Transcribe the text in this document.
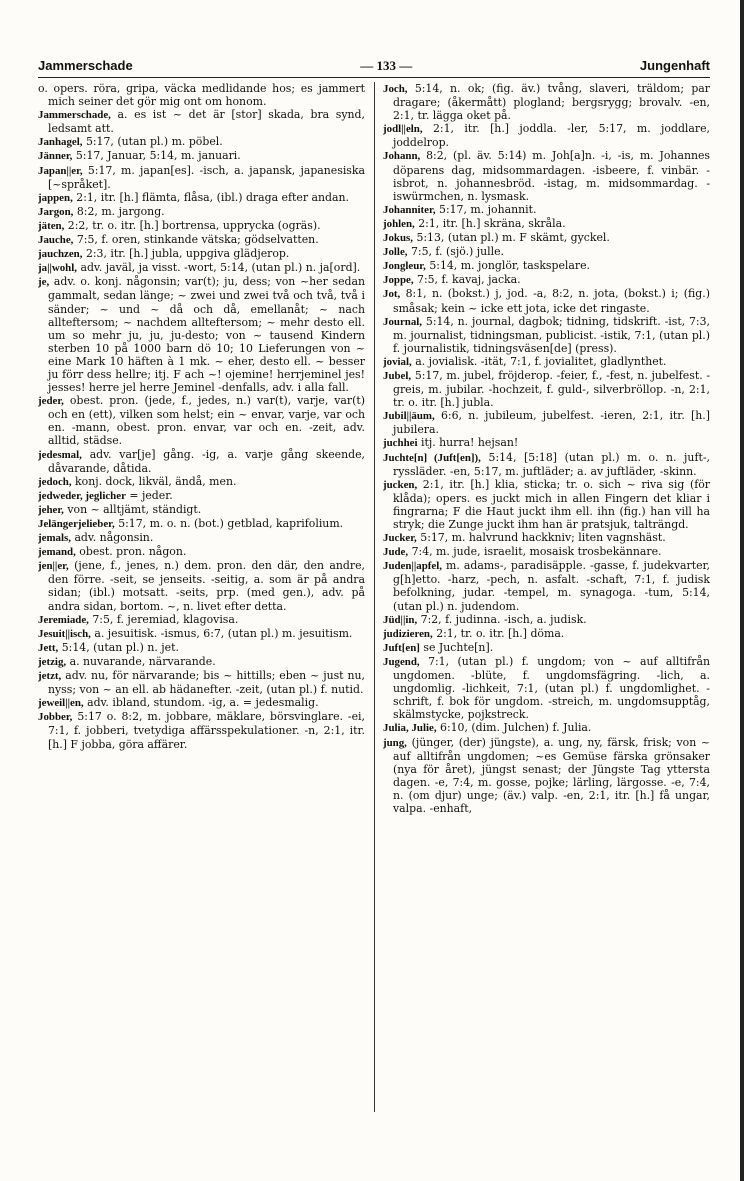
Jammerschade	— 133 —	Jungenhaft

o. opers. röra, gripa, väcka medlidande hos; es jammert mich seiner det gör mig ont om honom.

Jammerschade, a. es ist ~ det är [stor] skada, bra synd, ledsamt att.

Janhagel, 5:17, (utan pl.) m. pöbel.

Jänner, 5:17, Januar, 5:14, m. januari.

Japan||er, 5:17, m. japan[es]. -isch, a. japansk, japanesiska [~språket].

jappen, 2:1, itr. [h.] flämta, flåsa, (ibl.) draga efter andan.

Jargon, 8:2, m. jargong.

jäten, 2:2, tr. o. itr. [h.] bortrensa, upprycka (ogräs).

Jauche, 7:5, f. oren, stinkande vätska; gödselvatten.

jauchzen, 2:3, itr. [h.] jubla, uppgiva glädjerop.

ja||wohl, adv. javäl, ja visst. -wort, 5:14, (utan pl.) n. ja[ord].

je, adv. o. konj. någonsin; var(t); ju, dess; von ~her sedan gammalt, sedan länge; ~ zwei und zwei två och två, två i sänder; ~ und ~ då och då, emellanåt; ~ nach allteftersom; ~ nachdem allteftersom; ~ mehr desto ell. um so mehr ju, ju, ju-desto; von ~ tausend Kindern sterben 10 på 1000 barn dö 10; 10 Lieferungen von ~ eine Mark 10 häften à 1 mk. ~ eher, desto ell. ~ besser ju förr dess hellre; itj. F ach ~! ojemine! herrjeminel jes! jesses! herre jel herre Jeminel -denfalls, adv. i alla fall.

jeder, obest. pron. (jede, f., jedes, n.) var(t), varje, var(t) och en (ett), vilken som helst; ein ~ envar, varje, var och en. -mann, obest. pron. envar, var och en. -zeit, adv. alltid, städse.

jedesmal, adv. var[je] gång. -ig, a. varje gång skeende, dåvarande, dåtida.

jedoch, konj. dock, likväl, ändå, men.

jedweder, jeglicher = jeder.

jeher, von ~ alltjämt, ständigt.

Jelängerjelieber, 5:17, m. o. n. (bot.) getblad, kaprifolium.

jemals, adv. någonsin.

jemand, obest. pron. någon.

jen||er, (jene, f., jenes, n.) dem. pron. den där, den andre, den förre. -seit, se jenseits. -seitig, a. som är på andra sidan; (ibl.) motsatt. -seits, prp. (med gen.), adv. på andra sidan, bortom. ~, n. livet efter detta.

Jeremiade, 7:5, f. jeremiad, klagovisa.

Jesuit||isch, a. jesuitisk. -ismus, 6:7, (utan pl.) m. jesuitism.

Jett, 5:14, (utan pl.) n. jet.

jetzig, a. nuvarande, närvarande.

jetzt, adv. nu, för närvarande; bis ~ hittills; eben ~ just nu, nyss; von ~ an ell. ab hädanefter. -zeit, (utan pl.) f. nutid.

jeweil||en, adv. ibland, stundom. -ig, a. = jedesmalig.

Jobber, 5:17 o. 8:2, m. jobbare, mäklare, börsvinglare. -ei, 7:1, f. jobberi, tvetydiga affärsspekulationer. -n, 2:1, itr. [h.] F jobba, göra affärer.

Joch, 5:14, n. ok; (fig. äv.) tvång, slaveri, träldom; par dragare; (åkermått) plogland; bergsrygg; brovalv. -en, 2:1, tr. lägga oket på.

jodl||eln, 2:1, itr. [h.] joddla. -ler, 5:17, m. joddlare, joddelrop.

Johann, 8:2, (pl. äv. 5:14) m. Joh[a]n. -i, -is, m. Johannes döparens dag, midsommardagen. -isbeere, f. vinbär. -isbrot, n. johannesbröd. -istag, m. midsommardag. -iswürmchen, n. lysmask.

Johanniter, 5:17, m. johannit.

johlen, 2:1, itr. [h.] skräna, skråla.

Jokus, 5:13, (utan pl.) m. F skämt, gyckel.

Jolle, 7:5, f. (sjö.) julle.

Jongleur, 5:14, m. jonglör, taskspelare.

Joppe, 7:5, f. kavaj, jacka.

Jot, 8:1, n. (bokst.) j, jod. -a, 8:2, n. jota, (bokst.) i; (fig.) småsak; kein ~ icke ett jota, icke det ringaste.

Journal, 5:14, n. journal, dagbok; tidning, tidskrift. -ist, 7:3, m. journalist, tidningsman, publicist. -istik, 7:1, (utan pl.) f. journalistik, tidningsväsen[de] (press).

jovial, a. jovialisk. -ität, 7:1, f. jovialitet, gladlynthet.

Jubel, 5:17, m. jubel, fröjderop. -feier, f., -fest, n. jubelfest. -greis, m. jubilar. -hochzeit, f. guld-, silverbröllop. -n, 2:1, tr. o. itr. [h.] jubla.

Jubil||äum, 6:6, n. jubileum, jubelfest. -ieren, 2:1, itr. [h.] jubilera.

juchhei itj. hurra! hejsan!

Juchte[n] (Juft[en]), 5:14, [5:18] (utan pl.) m. o. n. juft-, ryssläder. -en, 5:17, m. juftläder; a. av juftläder, -skinn.

jucken, 2:1, itr. [h.] klia, sticka; tr. o. sich ~ riva sig (för klåda); opers. es juckt mich in allen Fingern det kliar i fingrarna; F die Haut juckt ihm ell. ihn (fig.) han vill ha stryk; die Zunge juckt ihm han är pratsjuk, talträngd.

Jucker, 5:17, m. halvrund hackkniv; liten vagnshäst.

Jude, 7:4, m. jude, israelit, mosaisk trosbekännare.

Juden||apfel, m. adams-, paradisäpple. -gasse, f. judekvarter, g[h]etto. -harz, -pech, n. asfalt. -schaft, 7:1, f. judisk befolkning, judar. -tempel, m. synagoga. -tum, 5:14, (utan pl.) n. judendom.

Jüd||in, 7:2, f. judinna. -isch, a. judisk.

judizieren, 2:1, tr. o. itr. [h.] döma.

Juft[en] se Juchte[n].

Jugend, 7:1, (utan pl.) f. ungdom; von ~ auf alltifrån ungdomen. -blüte, f. ungdomsfägring. -lich, a. ungdomlig. -lichkeit, 7:1, (utan pl.) f. ungdomlighet. -schrift, f. bok för ungdom. -streich, m. ungdomsupptåg, skälmstycke, pojkstreck.

Julia, Julie, 6:10, (dim. Julchen) f. Julia.

jung, (jünger, (der) jüngste), a. ung, ny, färsk, frisk; von ~ auf alltifrån ungdomen; ~es Gemüse färska grönsaker (nya för året), jüngst senast; der Jüngste Tag yttersta dagen. -e, 7:4, m. gosse, pojke; lärling, lärgosse. -e, 7:4, n. (om djur) unge; (äv.) valp. -en, 2:1, itr. [h.] få ungar, valpa. -enhaft,
